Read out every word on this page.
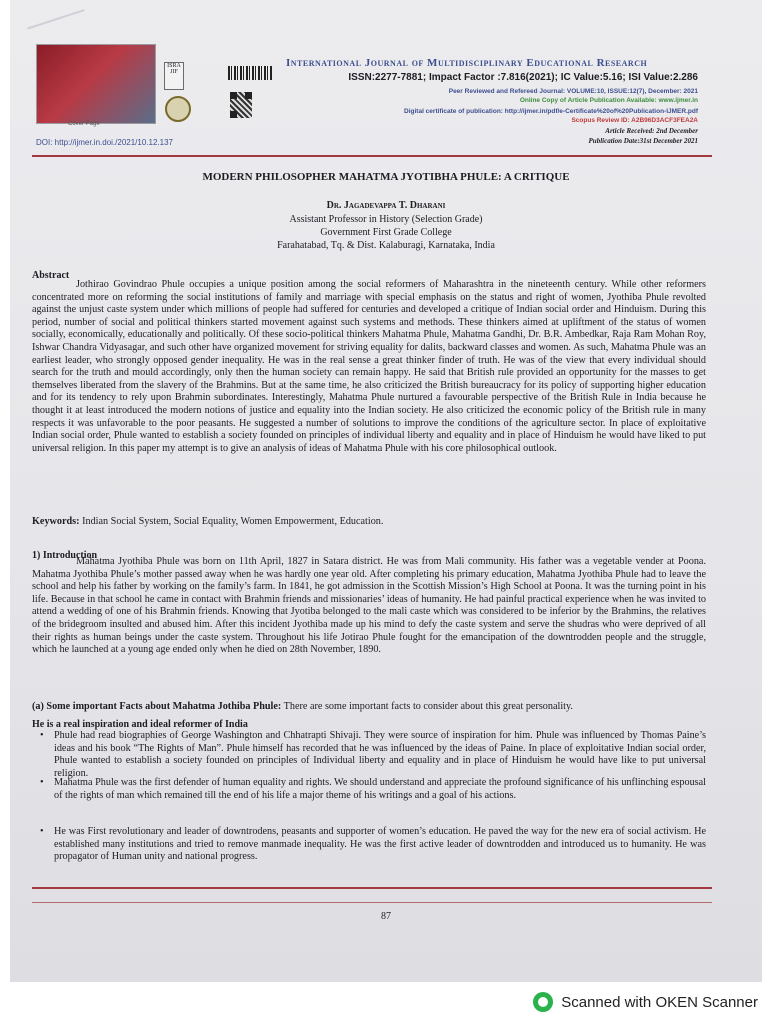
Cover Page
ISRA JIF
International Journal of Multidisciplinary Educational Research
ISSN:2277-7881; Impact Factor :7.816(2021); IC Value:5.16; ISI Value:2.286
Peer Reviewed and Refereed Journal: VOLUME:10, ISSUE:12(7), December: 2021
Online Copy of Article Publication Available: www.ijmer.in
Digital certificate of publication: http://ijmer.in/pdf/e-Certificate%20of%20Publication-IJMER.pdf
Scopus Review ID: A2B96D3ACF3FEA2A
Article Received: 2nd December
Publication Date:31st December 2021
DOI: http://ijmer.in.doi./2021/10.12.137
MODERN PHILOSOPHER MAHATMA JYOTIBHA PHULE: A CRITIQUE
Dr. Jagadevappa T. Dharani
Assistant Professor in History (Selection Grade)
Government First Grade College
Farahatabad, Tq. & Dist. Kalaburagi, Karnataka, India
Abstract
Jothirao Govindrao Phule occupies a unique position among the social reformers of Maharashtra in the nineteenth century. While other reformers concentrated more on reforming the social institutions of family and marriage with special emphasis on the status and right of women, Jyothiba Phule revolted against the unjust caste system under which millions of people had suffered for centuries and developed a critique of Indian social order and Hinduism. During this period, number of social and political thinkers started movement against such systems and methods. These thinkers aimed at upliftment of the status of women socially, economically, educationally and politically. Of these socio-political thinkers Mahatma Phule, Mahatma Gandhi, Dr. B.R. Ambedkar, Raja Ram Mohan Roy, Ishwar Chandra Vidyasagar, and such other have organized movement for striving equality for dalits, backward classes and women. As such, Mahatma Phule was an earliest leader, who strongly opposed gender inequality. He was in the real sense a great thinker finder of truth. He was of the view that every individual should search for the truth and mould accordingly, only then the human society can remain happy. He said that British rule provided an opportunity for the masses to get themselves liberated from the slavery of the Brahmins. But at the same time, he also criticized the British bureaucracy for its policy of supporting higher education and for its tendency to rely upon Brahmin subordinates. Interestingly, Mahatma Phule nurtured a favourable perspective of the British Rule in India because he thought it at least introduced the modern notions of justice and equality into the Indian society. He also criticized the economic policy of the British rule in many respects it was unfavorable to the poor peasants. He suggested a number of solutions to improve the conditions of the agriculture sector. In place of exploitative Indian social order, Phule wanted to establish a society founded on principles of individual liberty and equality and in place of Hinduism he would have liked to put universal religion. In this paper my attempt is to give an analysis of ideas of Mahatma Phule with his core philosophical outlook.
Keywords: Indian Social System, Social Equality, Women Empowerment, Education.
1) Introduction
Mahatma Jyothiba Phule was born on 11th April, 1827 in Satara district. He was from Mali community. His father was a vegetable vender at Poona. Mahatma Jyothiba Phule’s mother passed away when he was hardly one year old. After completing his primary education, Mahatma Jyothiba Phule had to leave the school and help his father by working on the family’s farm. In 1841, he got admission in the Scottish Mission’s High School at Poona. It was the turning point in his life. Because in that school he came in contact with Brahmin friends and missionaries’ ideas of humanity. He had painful practical experience when he was invited to attend a wedding of one of his Brahmin friends. Knowing that Jyotiba belonged to the mali caste which was considered to be inferior by the Brahmins, the relatives of the bridegroom insulted and abused him. After this incident Jyothiba made up his mind to defy the caste system and serve the shudras who were deprived of all their rights as human beings under the caste system. Throughout his life Jotirao Phule fought for the emancipation of the downtrodden people and the struggle, which he launched at a young age ended only when he died on 28th November, 1890.
(a) Some important Facts about Mahatma Jothiba Phule: There are some important facts to consider about this great personality.
He is a real inspiration and ideal reformer of India
• Phule had read biographies of George Washington and Chhatrapti Shivaji. They were source of inspiration for him. Phule was influenced by Thomas Paine’s ideas and his book “The Rights of Man”. Phule himself has recorded that he was influenced by the ideas of Paine. In place of exploitative Indian social order, Phule wanted to establish a society founded on principles of Individual liberty and equality and in place of Hinduism he would have like to put universal religion.
• Mahatma Phule was the first defender of human equality and rights. We should understand and appreciate the profound significance of his unflinching espousal of the rights of man which remained till the end of his life a major theme of his writings and a goal of his actions.
• He was First revolutionary and leader of downtrodens, peasants and supporter of women’s education. He paved the way for the new era of social activism. He established many institutions and tried to remove manmade inequality. He was the first active leader of downtrodden and introduced us to humanity. He was propagator of Human unity and national progress.
87
Scanned with OKEN Scanner
